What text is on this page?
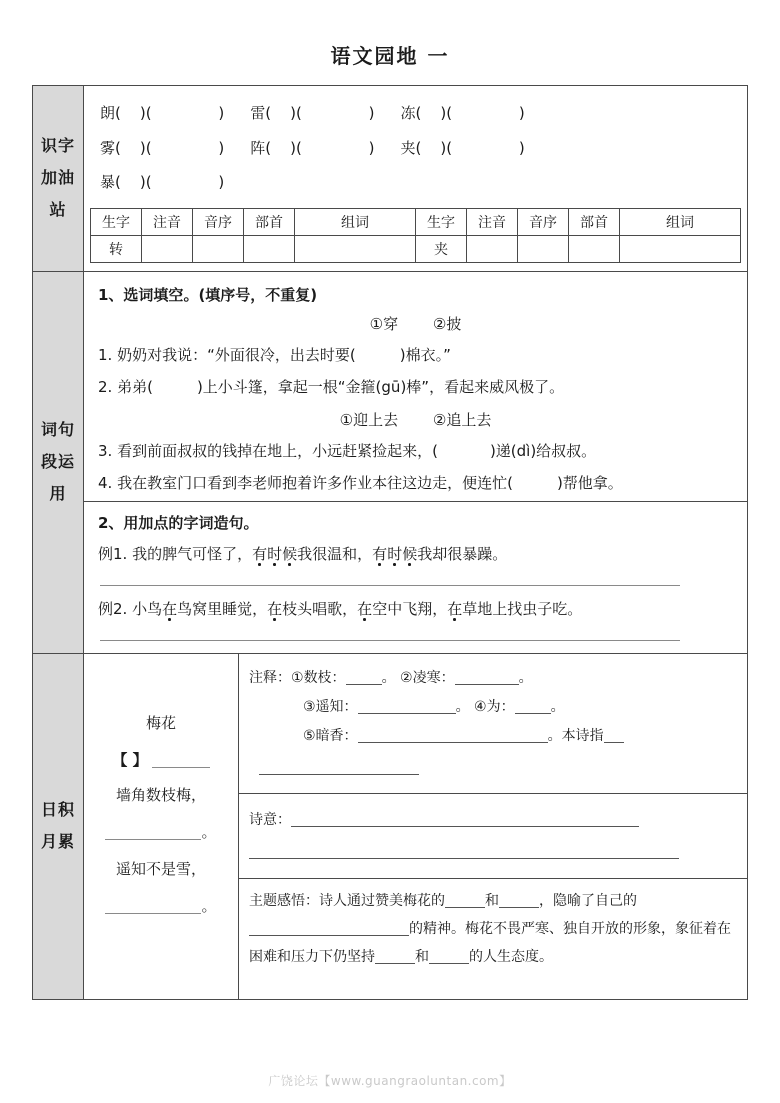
语文园地 一
识字加油站	
朗(    )(              ) 雷(    )(              ) 冻(    )(              )
雾(    )(              ) 阵(    )(              ) 夹(    )(              )
暴(    )(              )
生字	注音	音序	部首	组词	生字	注音	音序	部首	组词
转					夹				

词句段运用	
1、选词填空。(填序号，不重复)
①穿 ②披
1. 奶奶对我说：“外面很冷，出去时要(	)棉衣。”
2. 弟弟(	)上小斗篷，拿起一根“金箍(gū)棒”，看起来威风极了。
①迎上去 ②追上去
3. 看到前面叔叔的钱掉在地上，小远赶紧捡起来，(	)递(dì)给叔叔。
4. 我在教室门口看到李老师抱着许多作业本往这边走，便连忙(	)帮他拿。
2、用加点的字词造句。
例1. 我的脾气可怪了，有时候我很温和，有时候我却很暴躁。
例2. 小鸟在鸟窝里睡觉，在枝头唱歌，在空中飞翔，在草地上找虫子吃。

日积月累	
梅花
【 】
墙角数枝梅，
。
遥知不是雪，
。
注释：①数枝：	。 ②凌寒：	。
③遥知：	。 ④为：	。
⑤暗香：	。本诗指
诗意：
主题感悟：诗人通过赞美梅花的	和	，隐喻了自己的的精神。梅花不畏严寒、独自开放的形象，象征着在困难和压力下仍坚持	和	的人生态度。
广饶论坛【www.guangraoluntan.com】
